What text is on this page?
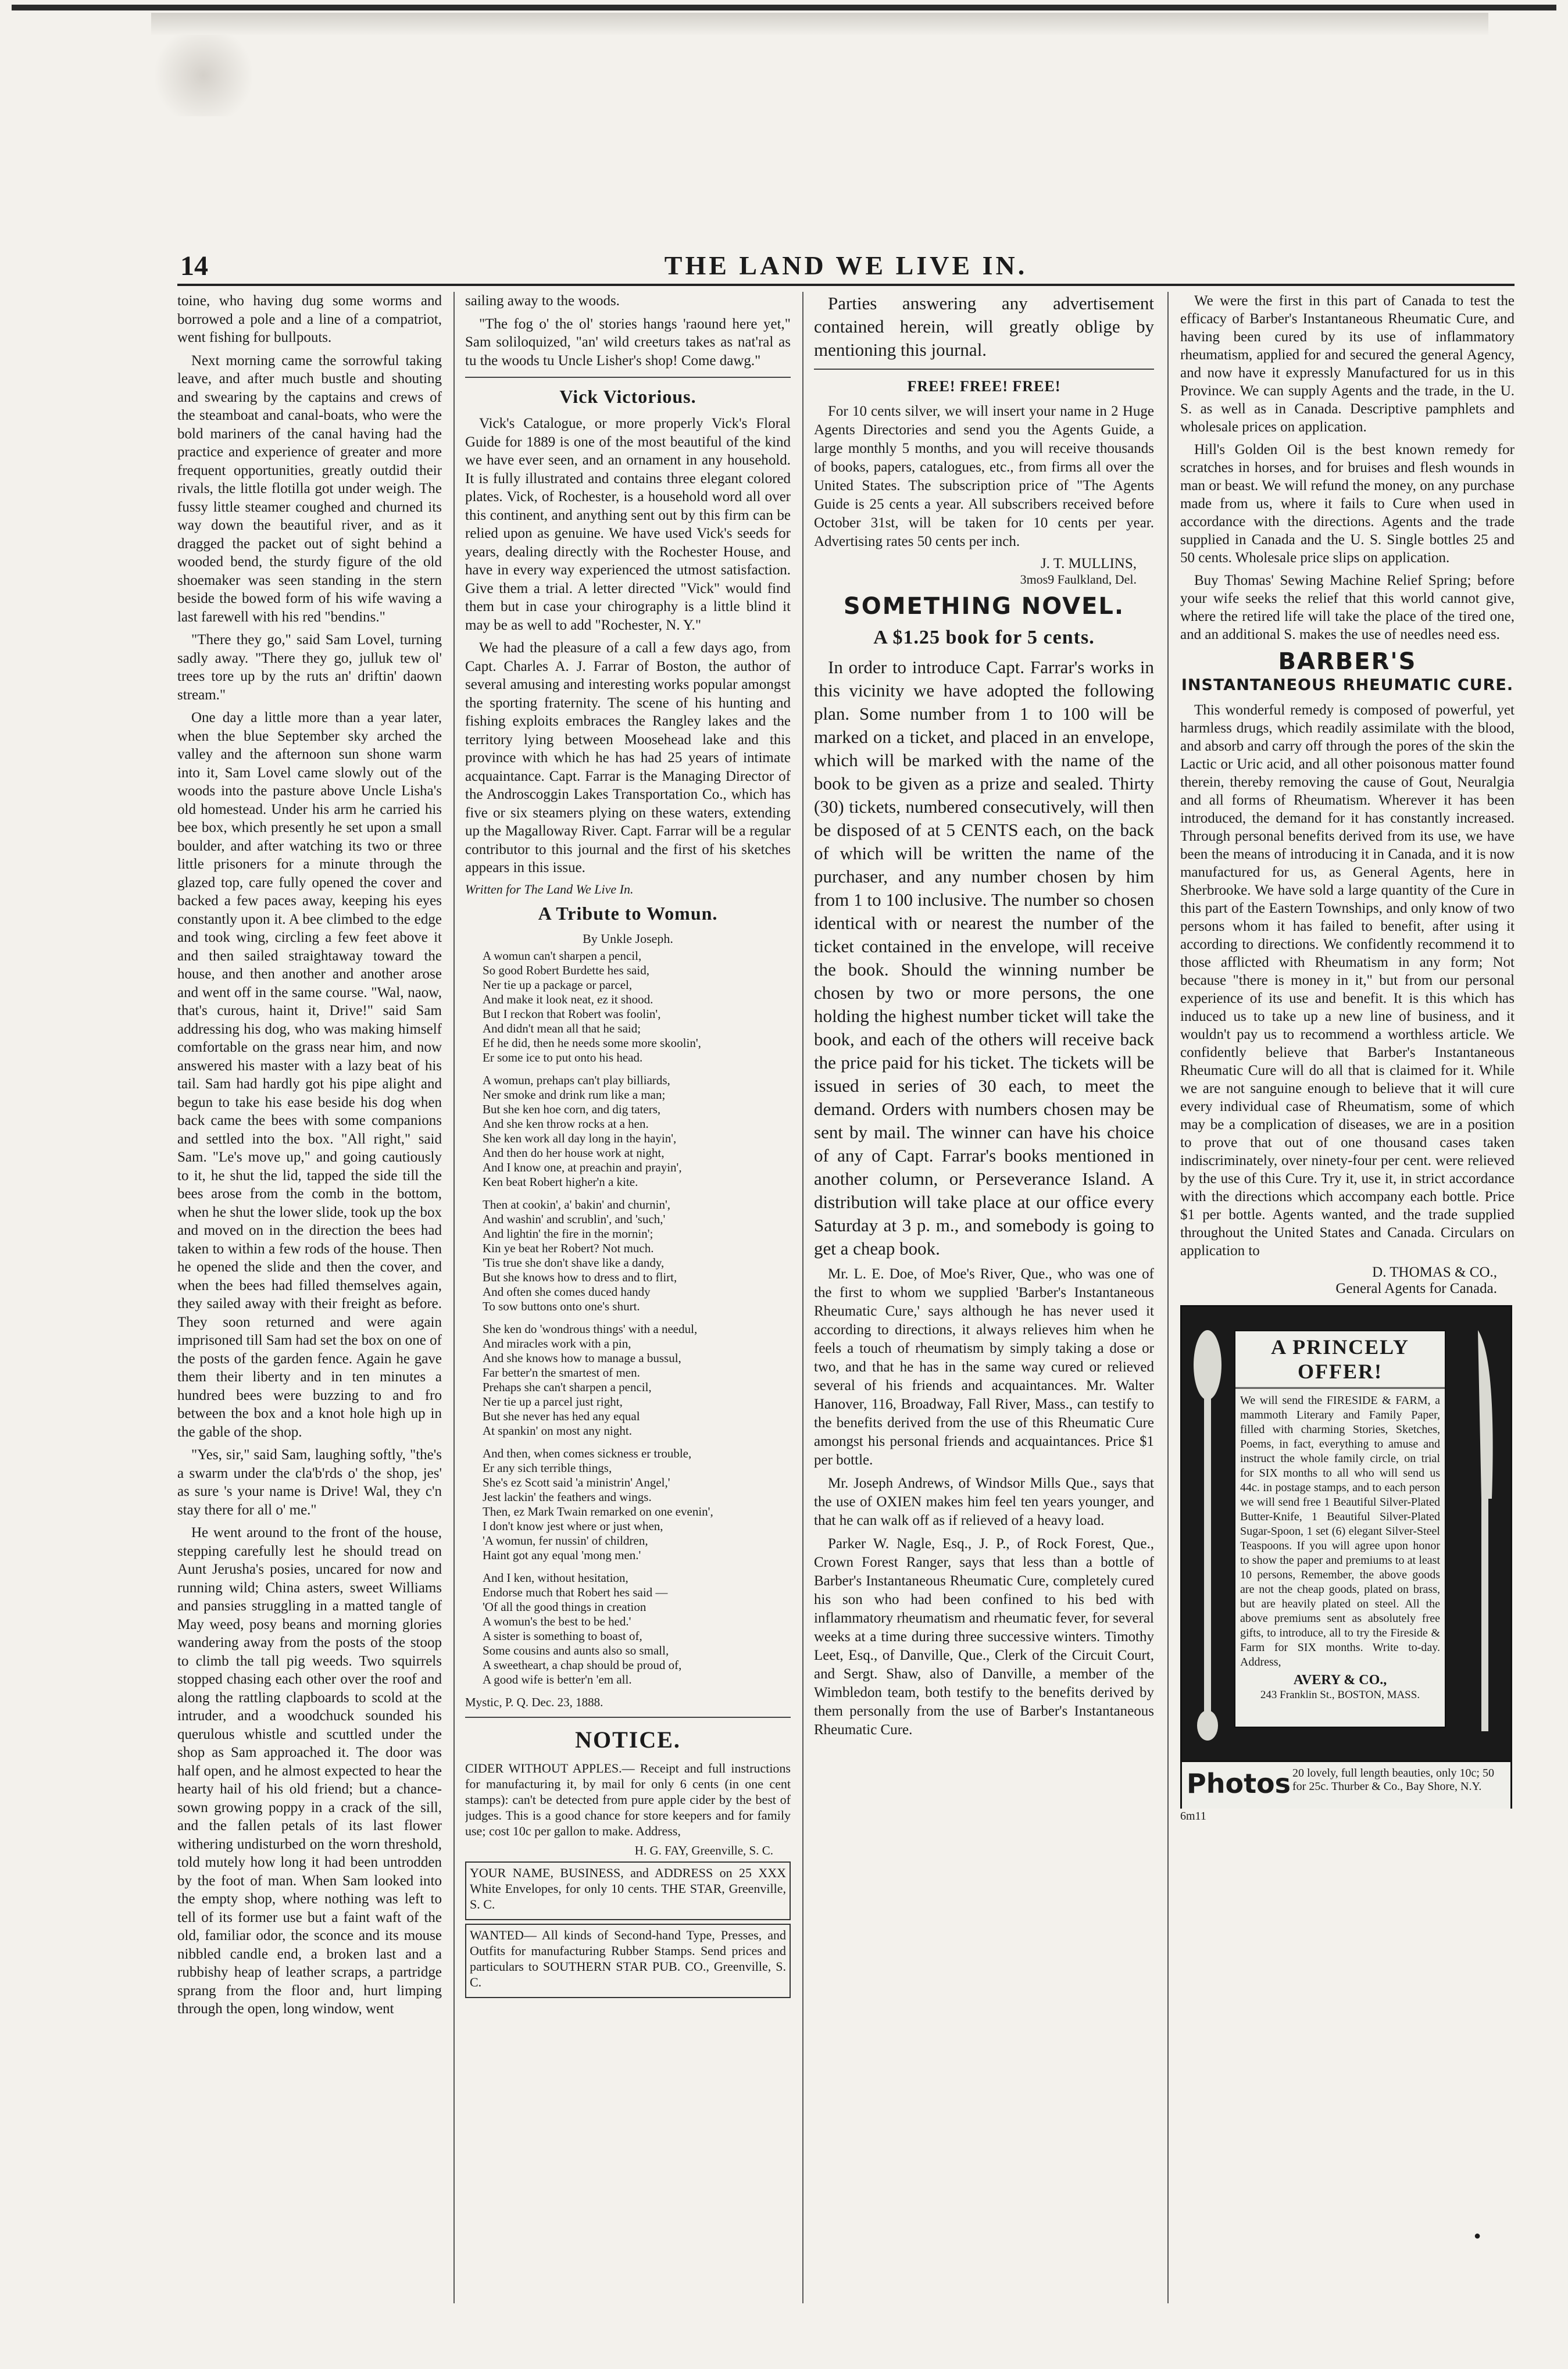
14	THE LAND WE LIVE IN.

toine, who having dug some worms and borrowed a pole and a line of a compatriot, went fishing for bullpouts.

Next morning came the sorrowful taking leave, and after much bustle and shouting and swearing by the captains and crews of the steamboat and canal-boats, who were the bold mariners of the canal having had the practice and experience of greater and more frequent opportunities, greatly outdid their rivals, the little flotilla got under weigh. The fussy little steamer coughed and churned its way down the beautiful river, and as it dragged the packet out of sight behind a wooded bend, the sturdy figure of the old shoemaker was seen standing in the stern beside the bowed form of his wife waving a last farewell with his red "bendins."

"There they go," said Sam Lovel, turning sadly away. "There they go, julluk tew ol' trees tore up by the ruts an' driftin' daown stream."

One day a little more than a year later, when the blue September sky arched the valley and the afternoon sun shone warm into it, Sam Lovel came slowly out of the woods into the pasture above Uncle Lisha's old homestead. Under his arm he carried his bee box, which presently he set upon a small boulder, and after watching its two or three little prisoners for a minute through the glazed top, care fully opened the cover and backed a few paces away, keeping his eyes constantly upon it. A bee climbed to the edge and took wing, circling a few feet above it and then sailed straightaway toward the house, and then another and another arose and went off in the same course. "Wal, naow, that's curous, haint it, Drive!" said Sam addressing his dog, who was making himself comfortable on the grass near him, and now answered his master with a lazy beat of his tail. Sam had hardly got his pipe alight and begun to take his ease beside his dog when back came the bees with some companions and settled into the box. "All right," said Sam. "Le's move up," and going cautiously to it, he shut the lid, tapped the side till the bees arose from the comb in the bottom, when he shut the lower slide, took up the box and moved on in the direction the bees had taken to within a few rods of the house. Then he opened the slide and then the cover, and when the bees had filled themselves again, they sailed away with their freight as before. They soon returned and were again imprisoned till Sam had set the box on one of the posts of the garden fence. Again he gave them their liberty and in ten minutes a hundred bees were buzzing to and fro between the box and a knot hole high up in the gable of the shop.

"Yes, sir," said Sam, laughing softly, "the's a swarm under the cla'b'rds o' the shop, jes' as sure 's your name is Drive! Wal, they c'n stay there for all o' me."

He went around to the front of the house, stepping carefully lest he should tread on Aunt Jerusha's posies, uncared for now and running wild; China asters, sweet Williams and pansies struggling in a matted tangle of May weed, posy beans and morning glories wandering away from the posts of the stoop to climb the tall pig weeds. Two squirrels stopped chasing each other over the roof and along the rattling clapboards to scold at the intruder, and a woodchuck sounded his querulous whistle and scuttled under the shop as Sam approached it. The door was half open, and he almost expected to hear the hearty hail of his old friend; but a chance-sown growing poppy in a crack of the sill, and the fallen petals of its last flower withering undisturbed on the worn threshold, told mutely how long it had been untrodden by the foot of man. When Sam looked into the empty shop, where nothing was left to tell of its former use but a faint waft of the old, familiar odor, the sconce and its mouse nibbled candle end, a broken last and a rubbishy heap of leather scraps, a partridge sprang from the floor and, hurt limping through the open, long window, went

sailing away to the woods.

"The fog o' the ol' stories hangs 'raound here yet," Sam soliloquized, "an' wild creeturs takes as nat'ral as tu the woods tu Uncle Lisher's shop! Come dawg."

Vick Victorious.

Vick's Catalogue, or more properly Vick's Floral Guide for 1889 is one of the most beautiful of the kind we have ever seen, and an ornament in any household. It is fully illustrated and contains three elegant colored plates. Vick, of Rochester, is a household word all over this continent, and anything sent out by this firm can be relied upon as genuine. We have used Vick's seeds for years, dealing directly with the Rochester House, and have in every way experienced the utmost satisfaction. Give them a trial. A letter directed "Vick" would find them but in case your chirography is a little blind it may be as well to add "Rochester, N. Y."

We had the pleasure of a call a few days ago, from Capt. Charles A. J. Farrar of Boston, the author of several amusing and interesting works popular amongst the sporting fraternity. The scene of his hunting and fishing exploits embraces the Rangley lakes and the territory lying between Moosehead lake and this province with which he has had 25 years of intimate acquaintance. Capt. Farrar is the Managing Director of the Androscoggin Lakes Transportation Co., which has five or six steamers plying on these waters, extending up the Magalloway River. Capt. Farrar will be a regular contributor to this journal and the first of his sketches appears in this issue.

Written for The Land We Live In.
A Tribute to Womun.
By Unkle Joseph.
A womun can't sharpen a pencil,
So good Robert Burdette hes said,
Ner tie up a package or parcel,
And make it look neat, ez it shood.
But I reckon that Robert was foolin',
And didn't mean all that he said;
Ef he did, then he needs some more skoolin',
Er some ice to put onto his head.
A womun, prehaps can't play billiards,
Ner smoke and drink rum like a man;
But she ken hoe corn, and dig taters,
And she ken throw rocks at a hen.
She ken work all day long in the hayin',
And then do her house work at night,
And I know one, at preachin and prayin',
Ken beat Robert higher'n a kite.
Then at cookin', a' bakin' and churnin',
And washin' and scrublin', and 'such,'
And lightin' the fire in the mornin';
Kin ye beat her Robert? Not much.
'Tis true she don't shave like a dandy,
But she knows how to dress and to flirt,
And often she comes duced handy
To sow buttons onto one's shurt.
She ken do 'wondrous things' with a needul,
And miracles work with a pin,
And she knows how to manage a bussul,
Far better'n the smartest of men.
Prehaps she can't sharpen a pencil,
Ner tie up a parcel just right,
But she never has hed any equal
At spankin' on most any night.
And then, when comes sickness er trouble,
Er any sich terrible things,
She's ez Scott said 'a ministrin' Angel,'
Jest lackin' the feathers and wings.
Then, ez Mark Twain remarked on one evenin',
I don't know jest where or just when,
'A womun, fer nussin' of children,
Haint got any equal 'mong men.'
And I ken, without hesitation,
Endorse much that Robert hes said —
'Of all the good things in creation
A womun's the best to be hed.'
A sister is something to boast of,
Some cousins and aunts also so small,
A sweetheart, a chap should be proud of,
A good wife is better'n 'em all.
Mystic, P. Q. Dec. 23, 1888.
NOTICE.
CIDER WITHOUT APPLES.— Receipt and full instructions for manufacturing it, by mail for only 6 cents (in one cent stamps): can't be detected from pure apple cider by the best of judges. This is a good chance for store keepers and for family use; cost 10c per gallon to make. Address,
H. G. FAY, Greenville, S. C.
YOUR NAME, BUSINESS, and ADDRESS on 25 XXX White Envelopes, for only 10 cents. THE STAR, Greenville, S. C.
WANTED— All kinds of Second-hand Type, Presses, and Outfits for manufacturing Rubber Stamps. Send prices and particulars to SOUTHERN STAR PUB. CO., Greenville, S. C.

Parties answering any advertisement contained herein, will greatly oblige by mentioning this journal.

FREE! FREE! FREE!

For 10 cents silver, we will insert your name in 2 Huge Agents Directories and send you the Agents Guide, a large monthly 5 months, and you will receive thousands of books, papers, catalogues, etc., from firms all over the United States. The subscription price of "The Agents Guide is 25 cents a year. All subscribers received before October 31st, will be taken for 10 cents per year. Advertising rates 50 cents per inch.

J. T. MULLINS,
3mos9 Faulkland, Del.
SOMETHING NOVEL.
A $1.25 book for 5 cents.

In order to introduce Capt. Farrar's works in this vicinity we have adopted the following plan. Some number from 1 to 100 will be marked on a ticket, and placed in an envelope, which will be marked with the name of the book to be given as a prize and sealed. Thirty (30) tickets, numbered consecutively, will then be disposed of at 5 CENTS each, on the back of which will be written the name of the purchaser, and any number chosen by him from 1 to 100 inclusive. The number so chosen identical with or nearest the number of the ticket contained in the envelope, will receive the book. Should the winning number be chosen by two or more persons, the one holding the highest number ticket will take the book, and each of the others will receive back the price paid for his ticket. The tickets will be issued in series of 30 each, to meet the demand. Orders with numbers chosen may be sent by mail. The winner can have his choice of any of Capt. Farrar's books mentioned in another column, or Perseverance Island. A distribution will take place at our office every Saturday at 3 p. m., and somebody is going to get a cheap book.

Mr. L. E. Doe, of Moe's River, Que., who was one of the first to whom we supplied 'Barber's Instantaneous Rheumatic Cure,' says although he has never used it according to directions, it always relieves him when he feels a touch of rheumatism by simply taking a dose or two, and that he has in the same way cured or relieved several of his friends and acquaintances. Mr. Walter Hanover, 116, Broadway, Fall River, Mass., can testify to the benefits derived from the use of this Rheumatic Cure amongst his personal friends and acquaintances. Price $1 per bottle.

Mr. Joseph Andrews, of Windsor Mills Que., says that the use of OXIEN makes him feel ten years younger, and that he can walk off as if relieved of a heavy load.

Parker W. Nagle, Esq., J. P., of Rock Forest, Que., Crown Forest Ranger, says that less than a bottle of Barber's Instantaneous Rheumatic Cure, completely cured his son who had been confined to his bed with inflammatory rheumatism and rheumatic fever, for several weeks at a time during three successive winters. Timothy Leet, Esq., of Danville, Que., Clerk of the Circuit Court, and Sergt. Shaw, also of Danville, a member of the Wimbledon team, both testify to the benefits derived by them personally from the use of Barber's Instantaneous Rheumatic Cure.

We were the first in this part of Canada to test the efficacy of Barber's Instantaneous Rheumatic Cure, and having been cured by its use of inflammatory rheumatism, applied for and secured the general Agency, and now have it expressly Manufactured for us in this Province. We can supply Agents and the trade, in the U. S. as well as in Canada. Descriptive pamphlets and wholesale prices on application.

Hill's Golden Oil is the best known remedy for scratches in horses, and for bruises and flesh wounds in man or beast. We will refund the money, on any purchase made from us, where it fails to Cure when used in accordance with the directions. Agents and the trade supplied in Canada and the U. S. Single bottles 25 and 50 cents. Wholesale price slips on application.

Buy Thomas' Sewing Machine Relief Spring; before your wife seeks the relief that this world cannot give, where the retired life will take the place of the tired one, and an additional S. makes the use of needles need ess.

BARBER'S
INSTANTANEOUS RHEUMATIC CURE.

This wonderful remedy is composed of powerful, yet harmless drugs, which readily assimilate with the blood, and absorb and carry off through the pores of the skin the Lactic or Uric acid, and all other poisonous matter found therein, thereby removing the cause of Gout, Neuralgia and all forms of Rheumatism. Wherever it has been introduced, the demand for it has constantly increased. Through personal benefits derived from its use, we have been the means of introducing it in Canada, and it is now manufactured for us, as General Agents, here in Sherbrooke. We have sold a large quantity of the Cure in this part of the Eastern Townships, and only know of two persons whom it has failed to benefit, after using it according to directions. We confidently recommend it to those afflicted with Rheumatism in any form; Not because "there is money in it," but from our personal experience of its use and benefit. It is this which has induced us to take up a new line of business, and it wouldn't pay us to recommend a worthless article. We confidently believe that Barber's Instantaneous Rheumatic Cure will do all that is claimed for it. While we are not sanguine enough to believe that it will cure every individual case of Rheumatism, some of which may be a complication of diseases, we are in a position to prove that out of one thousand cases taken indiscriminately, over ninety-four per cent. were relieved by the use of this Cure. Try it, use it, in strict accordance with the directions which accompany each bottle. Price $1 per bottle. Agents wanted, and the trade supplied throughout the United States and Canada. Circulars on application to

D. THOMAS & CO.,
General Agents for Canada.
A PRINCELY OFFER!
We will send the FIRESIDE & FARM, a mammoth Literary and Family Paper, filled with charming Stories, Sketches, Poems, in fact, everything to amuse and instruct the whole family circle, on trial for SIX months to all who will send us 44c. in postage stamps, and to each person we will send free 1 Beautiful Silver-Plated Butter-Knife, 1 Beautiful Silver-Plated Sugar-Spoon, 1 set (6) elegant Silver-Steel Teaspoons. If you will agree upon honor to show the paper and premiums to at least 10 persons, Remember, the above goods are not the cheap goods, plated on brass, but are heavily plated on steel. All the above premiums sent as absolutely free gifts, to introduce, all to try the Fireside & Farm for SIX months. Write to-day. Address,
AVERY & CO.,
243 Franklin St., BOSTON, MASS.
Photos 20 lovely, full length beauties, only 10c; 50 for 25c. Thurber & Co., Bay Shore, N.Y.
6m11
●
